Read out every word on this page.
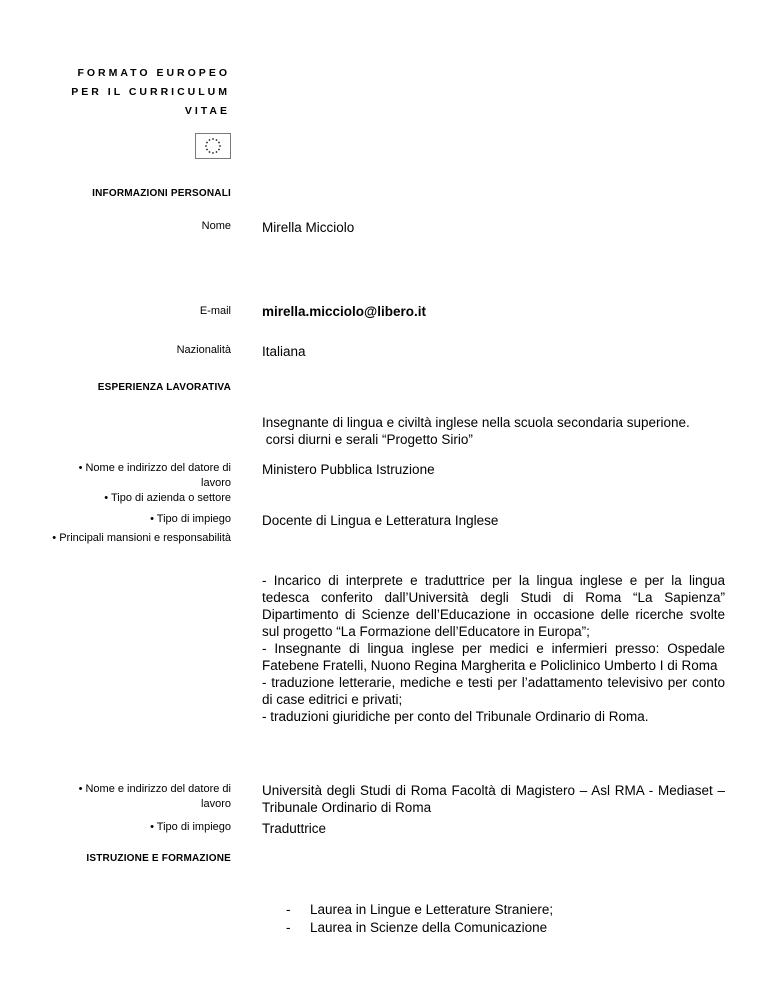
FORMATO EUROPEO
PER IL CURRICULUM
VITAE
INFORMAZIONI PERSONALI
Nome Mirella Micciolo
E-mail mirella.micciolo@libero.it
Nazionalità Italiana
ESPERIENZA LAVORATIVA
Insegnante di lingua e civiltà inglese nella scuola secondaria superione.
corsi diurni e serali “Progetto Sirio”
• Nome e indirizzo del datore di lavoro
Ministero Pubblica Istruzione
• Tipo di azienda o settore
• Tipo di impiego Docente di Lingua e Letteratura Inglese
• Principali mansioni e responsabilità
- Incarico di interprete e traduttrice per la lingua inglese e per la lingua tedesca conferito dall’Università degli Studi di Roma “La Sapienza” Dipartimento di Scienze dell’Educazione in occasione delle ricerche svolte sul progetto “La Formazione dell’Educatore in Europa”;
- Insegnante di lingua inglese per medici e infermieri presso: Ospedale Fatebene Fratelli, Nuono Regina Margherita e Policlinico Umberto I di Roma
- traduzione letterarie, mediche e testi per l’adattamento televisivo per conto di case editrici e privati;
- traduzioni giuridiche per conto del Tribunale Ordinario di Roma.
• Nome e indirizzo del datore di lavoro
Università degli Studi di Roma Facoltà di Magistero – Asl RMA - Mediaset – Tribunale Ordinario di Roma
• Tipo di impiego Traduttrice
ISTRUZIONE E FORMAZIONE
- Laurea in Lingue e Letterature Straniere;
- Laurea in Scienze della Comunicazione
